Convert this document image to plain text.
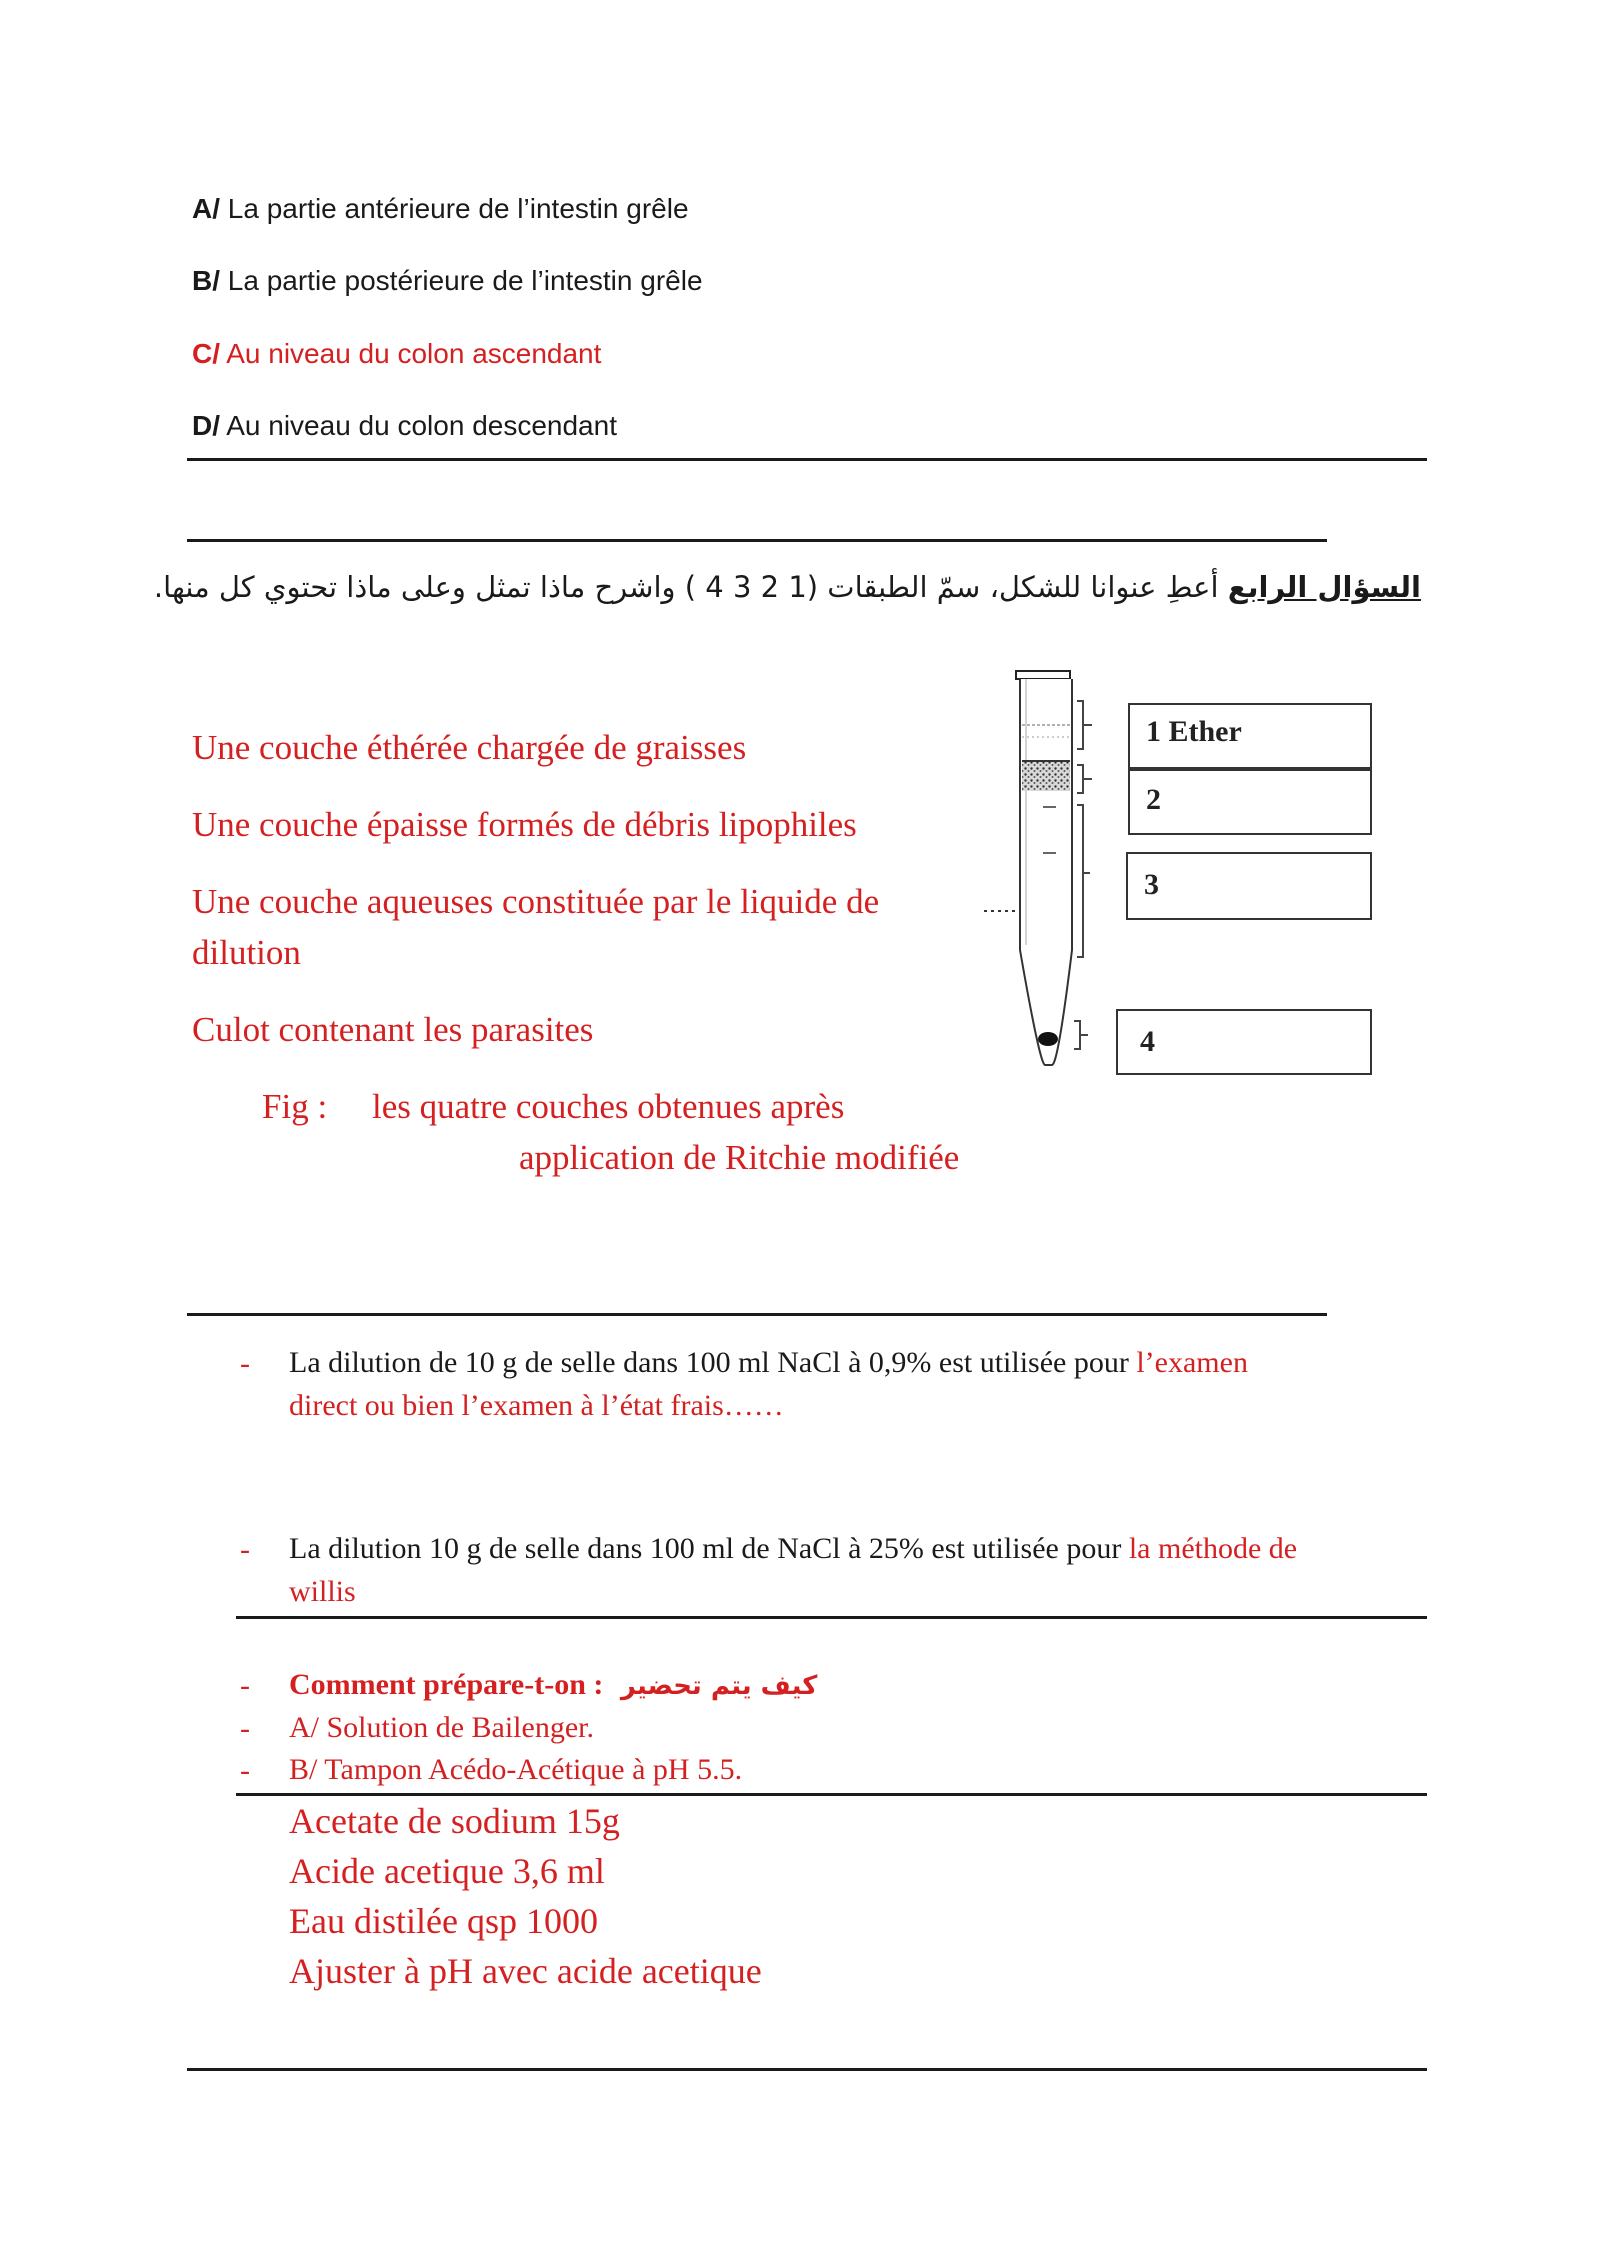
A/ La partie antérieure de l’intestin grêle
B/ La partie postérieure de l’intestin grêle
C/ Au niveau du colon ascendant
D/ Au niveau du colon descendant
السؤال الرابع أعطِ عنوانا للشكل، سمّ الطبقات (1 2 3 4 ) واشرح ماذا تمثل وعلى ماذا تحتوي كل منها.
Une couche éthérée chargée de graisses
Une couche épaisse formés de débris lipophiles
Une couche aqueuses constituée par le liquide de
dilution
Culot contenant les parasites
1 Ether
2
3
4
Fig : les quatre couches obtenues après
application de Ritchie modifiée
- La dilution de 10 g de selle dans 100 ml NaCl à 0,9% est utilisée pour l’examen
direct ou bien l’examen à l’état frais……
- La dilution 10 g de selle dans 100 ml de NaCl à 25% est utilisée pour la méthode de
willis
- Comment prépare-t-on : كيف يتم تحضير
- A/ Solution de Bailenger.
- B/ Tampon Acédo-Acétique à pH 5.5.
Acetate de sodium 15g
Acide acetique 3,6 ml
Eau distilée qsp 1000
Ajuster à pH avec acide acetique
